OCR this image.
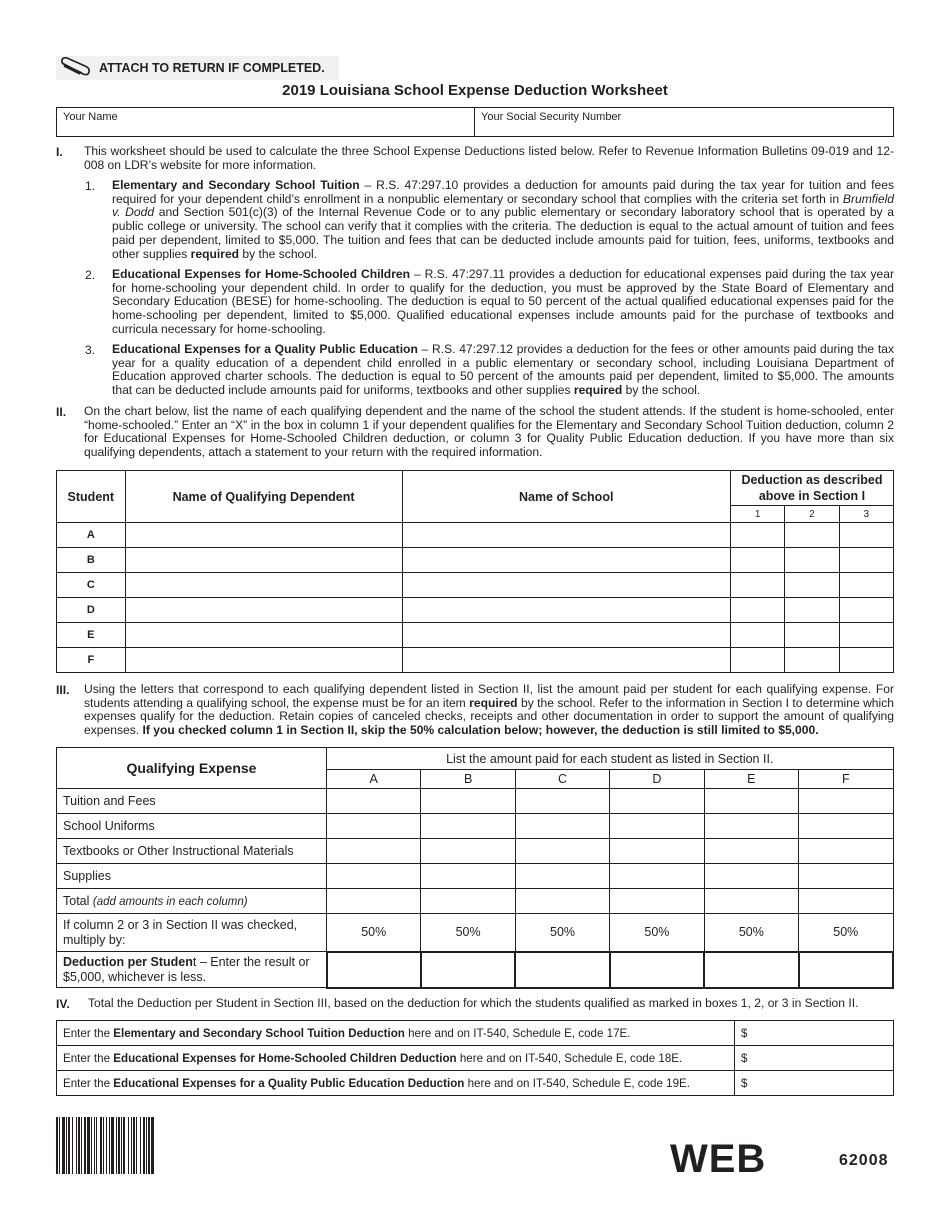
ATTACH TO RETURN IF COMPLETED.
2019 Louisiana School Expense Deduction Worksheet
Your Name	Your Social Security Number
I. This worksheet should be used to calculate the three School Expense Deductions listed below. Refer to Revenue Information Bulletins 09-019 and 12-008 on LDR’s website for more information.
1. Elementary and Secondary School Tuition – R.S. 47:297.10 provides a deduction for amounts paid during the tax year for tuition and fees required for your dependent child’s enrollment in a nonpublic elementary or secondary school that complies with the criteria set forth in Brumfield v. Dodd and Section 501(c)(3) of the Internal Revenue Code or to any public elementary or secondary laboratory school that is operated by a public college or university. The school can verify that it complies with the criteria. The deduction is equal to the actual amount of tuition and fees paid per dependent, limited to $5,000. The tuition and fees that can be deducted include amounts paid for tuition, fees, uniforms, textbooks and other supplies required by the school.
2. Educational Expenses for Home-Schooled Children – R.S. 47:297.11 provides a deduction for educational expenses paid during the tax year for home-schooling your dependent child. In order to qualify for the deduction, you must be approved by the State Board of Elementary and Secondary Education (BESE) for home-schooling. The deduction is equal to 50 percent of the actual qualified educational expenses paid for the home-schooling per dependent, limited to $5,000. Qualified educational expenses include amounts paid for the purchase of textbooks and curricula necessary for home-schooling.
3. Educational Expenses for a Quality Public Education – R.S. 47:297.12 provides a deduction for the fees or other amounts paid during the tax year for a quality education of a dependent child enrolled in a public elementary or secondary school, including Louisiana Department of Education approved charter schools. The deduction is equal to 50 percent of the amounts paid per dependent, limited to $5,000. The amounts that can be deducted include amounts paid for uniforms, textbooks and other supplies required by the school.
II. On the chart below, list the name of each qualifying dependent and the name of the school the student attends. If the student is home-schooled, enter “home-schooled.” Enter an “X” in the box in column 1 if your dependent qualifies for the Elementary and Secondary School Tuition deduction, column 2 for Educational Expenses for Home-Schooled Children deduction, or column 3 for Quality Public Education deduction. If you have more than six qualifying dependents, attach a statement to your return with the required information.
Student	Name of Qualifying Dependent	Name of School	Deduction as described above in Section I		
			1	2	3
A					
B					
C					
D					
E					
F					
III. Using the letters that correspond to each qualifying dependent listed in Section II, list the amount paid per student for each qualifying expense. For students attending a qualifying school, the expense must be for an item required by the school. Refer to the information in Section I to determine which expenses qualify for the deduction. Retain copies of canceled checks, receipts and other documentation in order to support the amount of qualifying expenses. If you checked column 1 in Section II, skip the 50% calculation below; however, the deduction is still limited to $5,000.
Qualifying Expense	List the amount paid for each student as listed in Section II.					
	A	B	C	D	E	F
Tuition and Fees						
School Uniforms						
Textbooks or Other Instructional Materials						
Supplies						
Total (add amounts in each column)						
If column 2 or 3 in Section II was checked, multiply by:	50%	50%	50%	50%	50%	50%
Deduction per Student – Enter the result or $5,000, whichever is less.						
IV. Total the Deduction per Student in Section III, based on the deduction for which the students qualified as marked in boxes 1, 2, or 3 in Section II.
Enter the Elementary and Secondary School Tuition Deduction here and on IT-540, Schedule E, code 17E.	$
Enter the Educational Expenses for Home-Schooled Children Deduction here and on IT-540, Schedule E, code 18E.	$
Enter the Educational Expenses for a Quality Public Education Deduction here and on IT-540, Schedule E, code 19E.	$
WEB	62008
